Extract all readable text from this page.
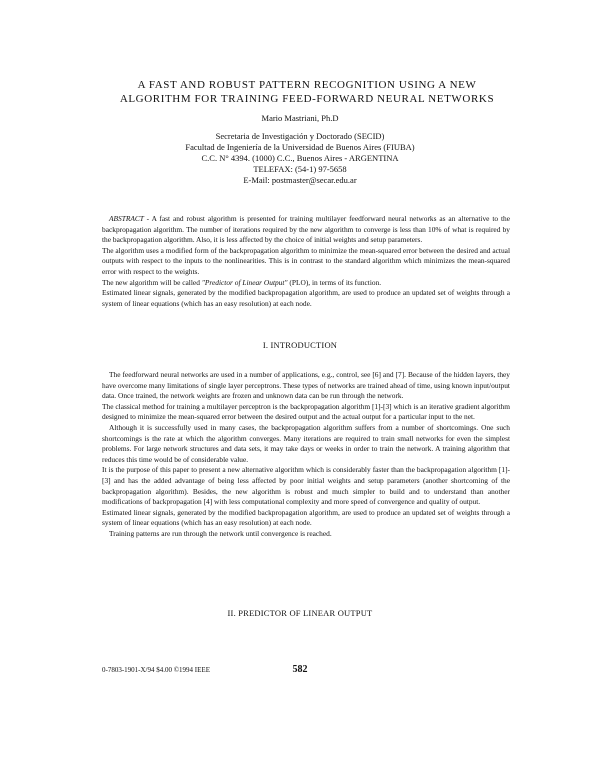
A FAST AND ROBUST PATTERN RECOGNITION USING A NEW
ALGORITHM FOR TRAINING FEED-FORWARD NEURAL NETWORKS
Mario Mastriani, Ph.D
Secretaria de Investigación y Doctorado (SECID)
Facultad de Ingeniería de la Universidad de Buenos Aires (FIUBA)
C.C. N° 4394. (1000) C.C., Buenos Aires - ARGENTINA
TELEFAX: (54-1) 97-5658
E-Mail: postmaster@secar.edu.ar

ABSTRACT - A fast and robust algorithm is presented for training multilayer feedforward neural networks as an alternative to the backpropagation algorithm. The number of iterations required by the new algorithm to converge is less than 10% of what is required by the backpropagation algorithm. Also, it is less affected by the choice of initial weights and setup parameters.

The algorithm uses a modified form of the backpropagation algorithm to minimize the mean-squared error between the desired and actual outputs with respect to the inputs to the nonlinearities. This is in contrast to the standard algorithm which minimizes the mean-squared error with respect to the weights.

The new algorithm will be called "Predictor of Linear Output" (PLO), in terms of its function.

Estimated linear signals, generated by the modified backpropagation algorithm, are used to produce an updated set of weights through a system of linear equations (which has an easy resolution) at each node.

I. INTRODUCTION

The feedforward neural networks are used in a number of applications, e.g., control, see [6] and [7]. Because of the hidden layers, they have overcome many limitations of single layer perceptrons. These types of networks are trained ahead of time, using known input/output data. Once trained, the network weights are frozen and unknown data can be run through the network.

The classical method for training a multilayer perceptron is the backpropagation algorithm [1]-[3] which is an iterative gradient algorithm designed to minimize the mean-squared error between the desired output and the actual output for a particular input to the net.

Although it is successfully used in many cases, the backpropagation algorithm suffers from a number of shortcomings. One such shortcomings is the rate at which the algorithm converges. Many iterations are required to train small networks for even the simplest problems. For large network structures and data sets, it may take days or weeks in order to train the network. A training algorithm that reduces this time would be of considerable value.

It is the purpose of this paper to present a new alternative algorithm which is considerably faster than the backpropagation algorithm [1]-[3] and has the added advantage of being less affected by poor initial weights and setup parameters (another shortcoming of the backpropagation algorithm). Besides, the new algorithm is robust and much simpler to build and to understand than another modifications of backpropagation [4] with less computational complexity and more speed of convergence and quality of output.

Estimated linear signals, generated by the modified backpropagation algorithm, are used to produce an updated set of weights through a system of linear equations (which has an easy resolution) at each node.

Training patterns are run through the network until convergence is reached.

II. PREDICTOR OF LINEAR OUTPUT
0-7803-1901-X/94 $4.00 ©1994 IEEE	582
